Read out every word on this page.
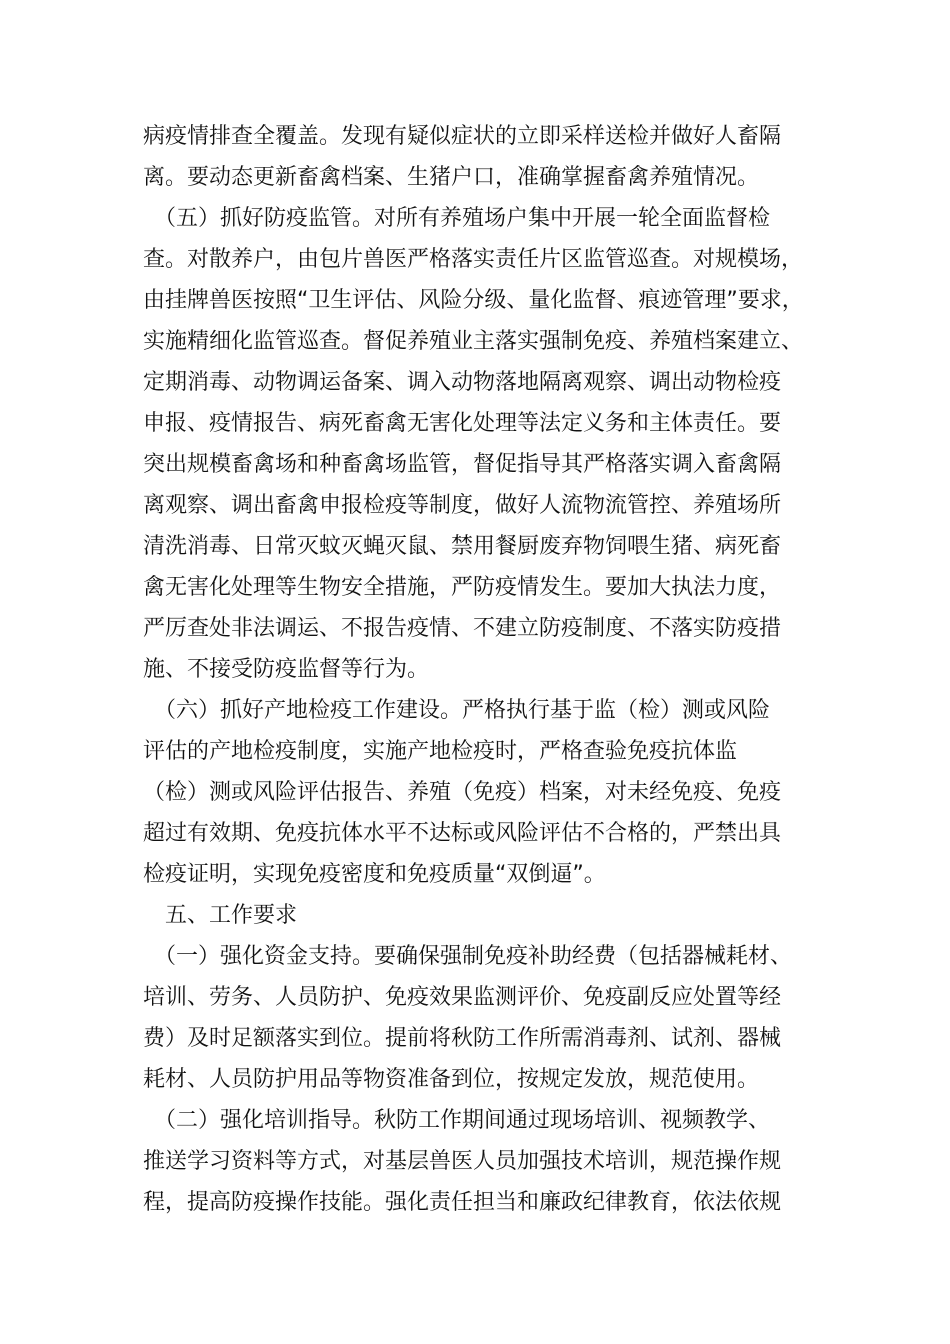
病疫情排查全覆盖。发现有疑似症状的立即采样送检并做好人畜隔
离。要动态更新畜禽档案、生猪户口，准确掌握畜禽养殖情况。
　（五）抓好防疫监管。对所有养殖场户集中开展一轮全面监督检
查。对散养户，由包片兽医严格落实责任片区监管巡查。对规模场，
由挂牌兽医按照“卫生评估、风险分级、量化监督、痕迹管理”要求，
实施精细化监管巡查。督促养殖业主落实强制免疫、养殖档案建立、
定期消毒、动物调运备案、调入动物落地隔离观察、调出动物检疫
申报、疫情报告、病死畜禽无害化处理等法定义务和主体责任。要
突出规模畜禽场和种畜禽场监管，督促指导其严格落实调入畜禽隔
离观察、调出畜禽申报检疫等制度，做好人流物流管控、养殖场所
清洗消毒、日常灭蚊灭蝇灭鼠、禁用餐厨废弃物饲喂生猪、病死畜
禽无害化处理等生物安全措施，严防疫情发生。要加大执法力度，
严厉查处非法调运、不报告疫情、不建立防疫制度、不落实防疫措
施、不接受防疫监督等行为。
　（六）抓好产地检疫工作建设。严格执行基于监（检）测或风险
评估的产地检疫制度，实施产地检疫时，严格查验免疫抗体监
（检）测或风险评估报告、养殖（免疫）档案，对未经免疫、免疫
超过有效期、免疫抗体水平不达标或风险评估不合格的，严禁出具
检疫证明，实现免疫密度和免疫质量“双倒逼”。
　五、工作要求
　（一）强化资金支持。要确保强制免疫补助经费（包括器械耗材、
培训、劳务、人员防护、免疫效果监测评价、免疫副反应处置等经
费）及时足额落实到位。提前将秋防工作所需消毒剂、试剂、器械
耗材、人员防护用品等物资准备到位，按规定发放，规范使用。
　（二）强化培训指导。秋防工作期间通过现场培训、视频教学、
推送学习资料等方式，对基层兽医人员加强技术培训，规范操作规
程，提高防疫操作技能。强化责任担当和廉政纪律教育，依法依规
